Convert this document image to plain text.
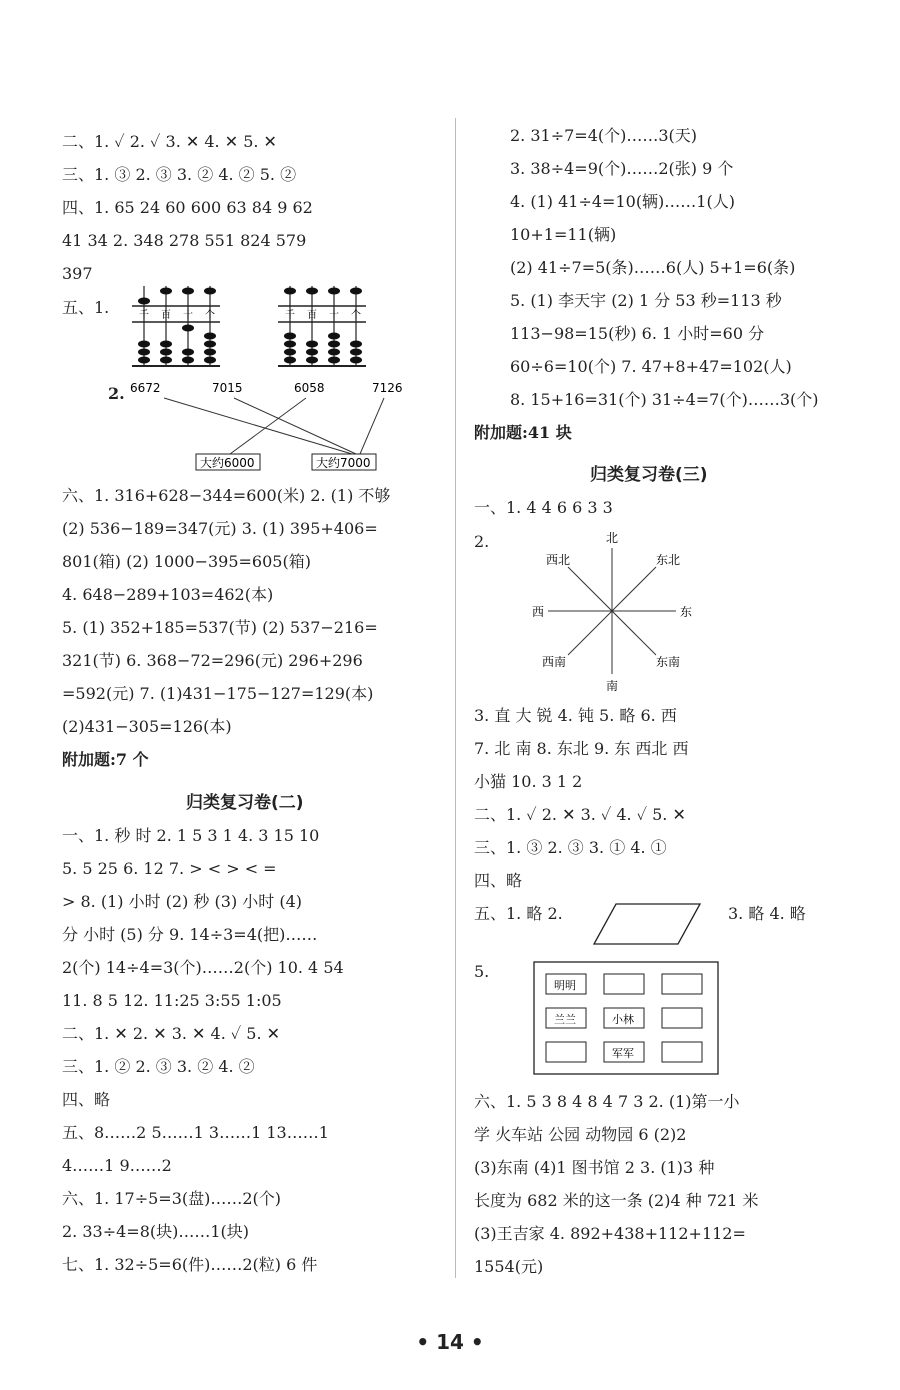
二、1. ✓ 2. ✓ 3. ✕ 4. ✕ 5. ✕
三、1. ③ 2. ③ 3. ② 4. ② 5. ②
四、1. 65 24 60 600 63 84 9 62
41 34 2. 348 278 551 824 579
397
五、1.	千 百 十 个	千 百 十 个
2. 6672	7015	6058	7126
大约6000	大约7000
六、1. 316+628−344=600(米) 2. (1) 不够
(2) 536−189=347(元) 3. (1) 395+406=
801(箱) (2) 1000−395=605(箱)
4. 648−289+103=462(本)
5. (1) 352+185=537(节) (2) 537−216=
321(节) 6. 368−72=296(元) 296+296
=592(元) 7. (1)431−175−127=129(本)
(2)431−305=126(本)
附加题:7 个
归类复习卷(二)
一、1. 秒 时 2. 1 5 3 1 4. 3 15 10
5. 5 25 6. 12 7. > < > < =
> 8. (1) 小时 (2) 秒 (3) 小时 (4)
分 小时 (5) 分 9. 14÷3=4(把)……
2(个) 14÷4=3(个)……2(个) 10. 4 54
11. 8 5 12. 11:25 3:55 1:05
二、1. ✕ 2. ✕ 3. ✕ 4. ✓ 5. ✕
三、1. ② 2. ③ 3. ② 4. ②
四、略
五、8……2 5……1 3……1 13……1
4……1 9……2
六、1. 17÷5=3(盘)……2(个)
2. 33÷4=8(块)……1(块)
七、1. 32÷5=6(件)……2(粒) 6 件
2. 31÷7=4(个)……3(天)
3. 38÷4=9(个)……2(张) 9 个
4. (1) 41÷4=10(辆)……1(人)
10+1=11(辆)
(2) 41÷7=5(条)……6(人) 5+1=6(条)
5. (1) 李天宇 (2) 1 分 53 秒=113 秒
113−98=15(秒) 6. 1 小时=60 分
60÷6=10(个) 7. 47+8+47=102(人)
8. 15+16=31(个) 31÷4=7(个)……3(个)
附加题:41 块
归类复习卷(三)
一、1. 4 4 6 6 3 3
2.	北
东北
东
东南
南
西南
西
西北
3. 直 大 锐 4. 钝 5. 略 6. 西
7. 北 南 8. 东北 9. 东 西北 西
小猫 10. 3 1 2
二、1. ✓ 2. ✕ 3. ✓ 4. ✓ 5. ✕
三、1. ③ 2. ③ 3. ① 4. ①
四、略
五、1. 略 2.	3. 略 4. 略
5.
明明
兰兰	小林
军军
六、1. 5 3 8 4 8 4 7 3 2. (1)第一小
学 火车站 公园 动物园 6 (2)2
(3)东南 (4)1 图书馆 2 3. (1)3 种
长度为 682 米的这一条 (2)4 种 721 米
(3)王吉家 4. 892+438+112+112=
1554(元)
• 14 •
